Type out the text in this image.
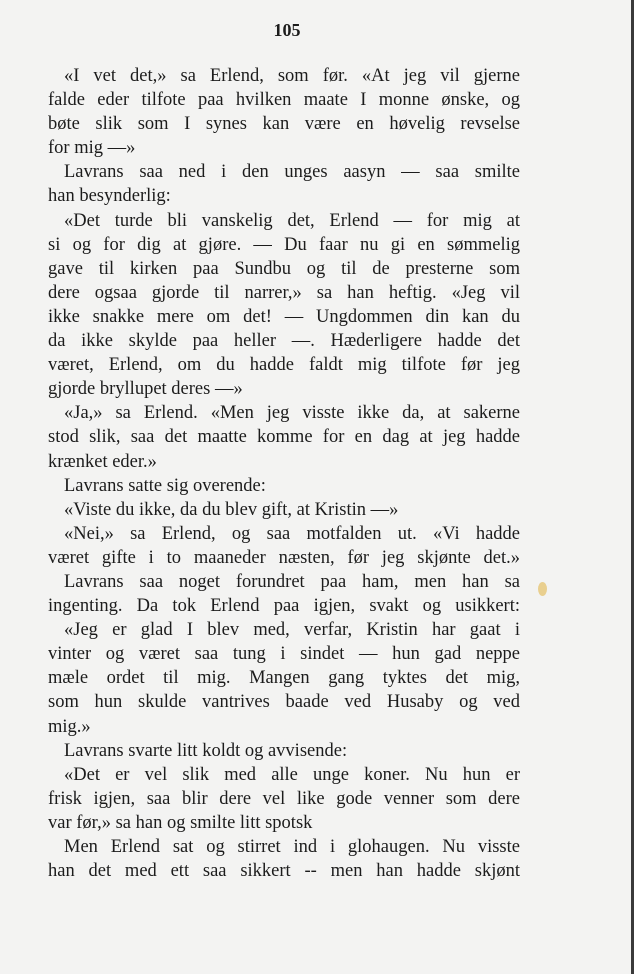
105
«I vet det,» sa Erlend, som før. «At jeg vil gjerne
falde eder tilfote paa hvilken maate I monne ønske, og
bøte slik som I synes kan være en høvelig revselse
for mig —»
Lavrans saa ned i den unges aasyn — saa smilte
han besynderlig:
«Det turde bli vanskelig det, Erlend — for mig at
si og for dig at gjøre. — Du faar nu gi en sømmelig
gave til kirken paa Sundbu og til de presterne som
dere ogsaa gjorde til narrer,» sa han heftig. «Jeg vil
ikke snakke mere om det! — Ungdommen din kan du
da ikke skylde paa heller —. Hæderligere hadde det
været, Erlend, om du hadde faldt mig tilfote før jeg
gjorde bryllupet deres —»
«Ja,» sa Erlend. «Men jeg visste ikke da, at sakerne
stod slik, saa det maatte komme for en dag at jeg hadde
krænket eder.»
Lavrans satte sig overende:
«Viste du ikke, da du blev gift, at Kristin —»
«Nei,» sa Erlend, og saa motfalden ut. «Vi hadde
været gifte i to maaneder næsten, før jeg skjønte det.»
Lavrans saa noget forundret paa ham, men han sa
ingenting. Da tok Erlend paa igjen, svakt og usikkert:
«Jeg er glad I blev med, verfar, Kristin har gaat i
vinter og været saa tung i sindet — hun gad neppe
mæle ordet til mig. Mangen gang tyktes det mig,
som hun skulde vantrives baade ved Husaby og ved
mig.»
Lavrans svarte litt koldt og avvisende:
«Det er vel slik med alle unge koner. Nu hun er
frisk igjen, saa blir dere vel like gode venner som dere
var før,» sa han og smilte litt spotsk
Men Erlend sat og stirret ind i glohaugen. Nu visste
han det med ett saa sikkert -- men han hadde skjønt
